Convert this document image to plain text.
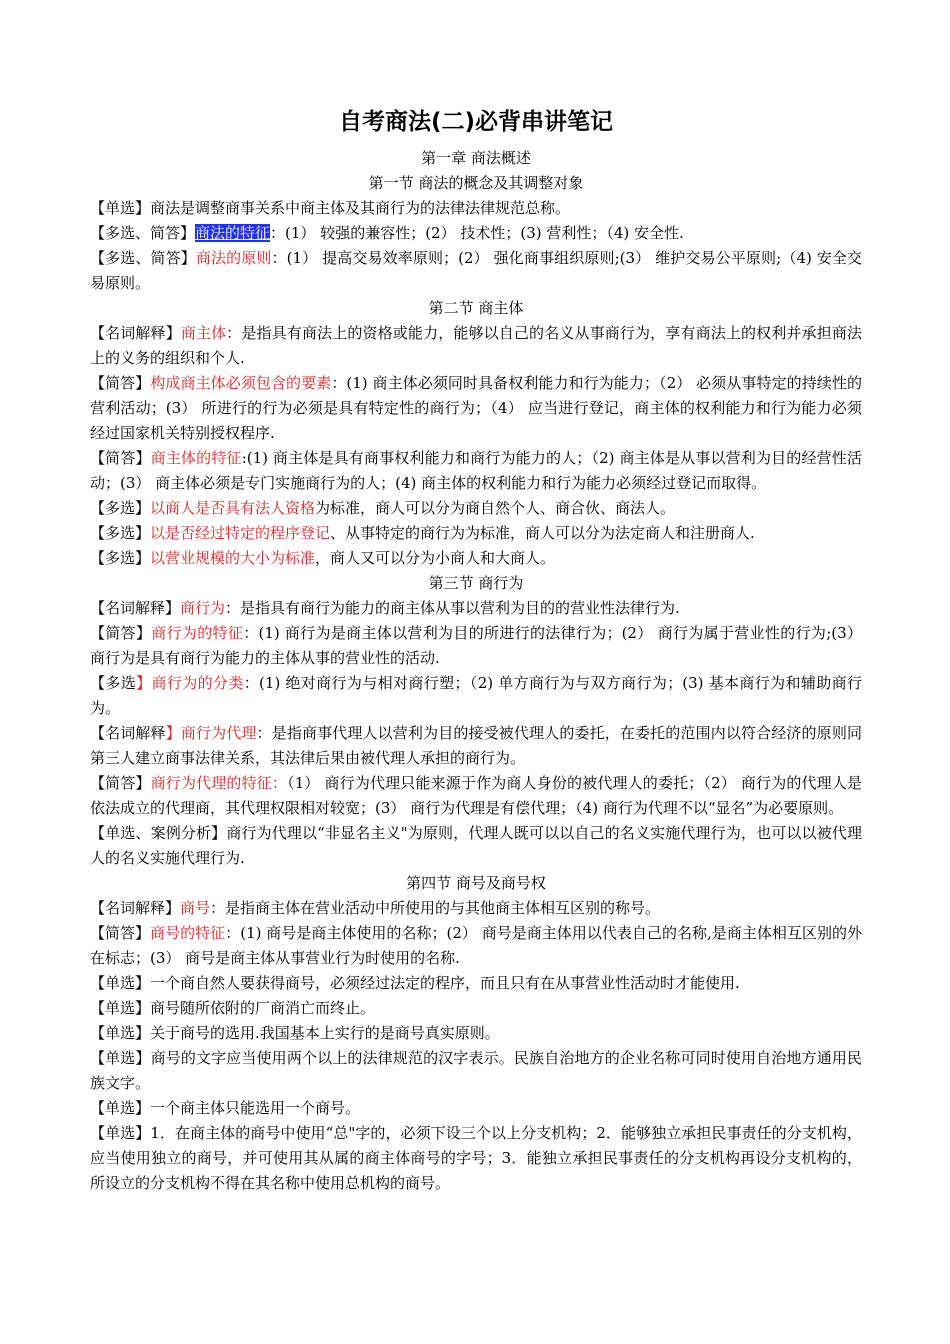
自考商法(二)必背串讲笔记
第一章 商法概述
第一节 商法的概念及其调整对象

【单选】商法是调整商事关系中商主体及其商行为的法律法律规范总称。

【多选、简答】商法的特征：(1） 较强的兼容性；(2） 技术性；(3) 营利性；（4) 安全性.

【多选、简答】商法的原则：(1） 提高交易效率原则；(2） 强化商事组织原则;(3） 维护交易公平原则;（4) 安全交易原则。

第二节 商主体

【名词解释】商主体：是指具有商法上的资格或能力，能够以自己的名义从事商行为，享有商法上的权利并承担商法上的义务的组织和个人.

【简答】构成商主体必须包含的要素：(1) 商主体必须同时具备权利能力和行为能力；（2） 必须从事特定的持续性的营利活动；(3） 所进行的行为必须是具有特定性的商行为；（4） 应当进行登记，商主体的权利能力和行为能力必须经过国家机关特别授权程序.

【简答】商主体的特征:(1) 商主体是具有商事权利能力和商行为能力的人；（2) 商主体是从事以营利为目的经营性活动；(3） 商主体必须是专门实施商行为的人；(4) 商主体的权利能力和行为能力必须经过登记而取得。

【多选】以商人是否具有法人资格为标准，商人可以分为商自然个人、商合伙、商法人。

【多选】以是否经过特定的程序登记、从事特定的商行为为标准，商人可以分为法定商人和注册商人.

【多选】以营业规模的大小为标准，商人又可以分为小商人和大商人。

第三节 商行为

【名词解释】商行为：是指具有商行为能力的商主体从事以营利为目的的营业性法律行为.

【简答】商行为的特征：(1) 商行为是商主体以营利为目的所进行的法律行为；(2） 商行为属于营业性的行为;(3） 商行为是具有商行为能力的主体从事的营业性的活动.

【多选】商行为的分类：(1) 绝对商行为与相对商行塑；（2) 单方商行为与双方商行为；(3) 基本商行为和辅助商行为。

【名词解释】商行为代理：是指商事代理人以营利为目的接受被代理人的委托，在委托的范围内以符合经济的原则同第三人建立商事法律关系，其法律后果由被代理人承担的商行为。

【简答】商行为代理的特征：（1） 商行为代理只能来源于作为商人身份的被代理人的委托；（2） 商行为的代理人是依法成立的代理商，其代理权限相对较宽；(3） 商行为代理是有偿代理；（4) 商行为代理不以“显名”为必要原则。

【单选、案例分析】商行为代理以“非显名主义"为原则，代理人既可以以自己的名义实施代理行为，也可以以被代理人的名义实施代理行为.

第四节 商号及商号权

【名词解释】商号：是指商主体在营业活动中所使用的与其他商主体相互区别的称号。

【简答】商号的特征：(1) 商号是商主体使用的名称；(2） 商号是商主体用以代表自己的名称,是商主体相互区别的外在标志；(3） 商号是商主体从事营业行为时使用的名称.

【单选】一个商自然人要获得商号，必须经过法定的程序，而且只有在从事营业性活动时才能使用.

【单选】商号随所依附的厂商消亡而终止。

【单选】关于商号的选用.我国基本上实行的是商号真实原则。

【单选】商号的文字应当使用两个以上的法律规范的汉字表示。民族自治地方的企业名称可同时使用自治地方通用民族文字。

【单选】一个商主体只能选用一个商号。

【单选】1．在商主体的商号中使用“总"字的，必须下设三个以上分支机构；2．能够独立承担民事责任的分支机构，应当使用独立的商号，并可使用其从属的商主体商号的字号；3．能独立承担民事责任的分支机构再设分支机构的，所设立的分支机构不得在其名称中使用总机构的商号。
